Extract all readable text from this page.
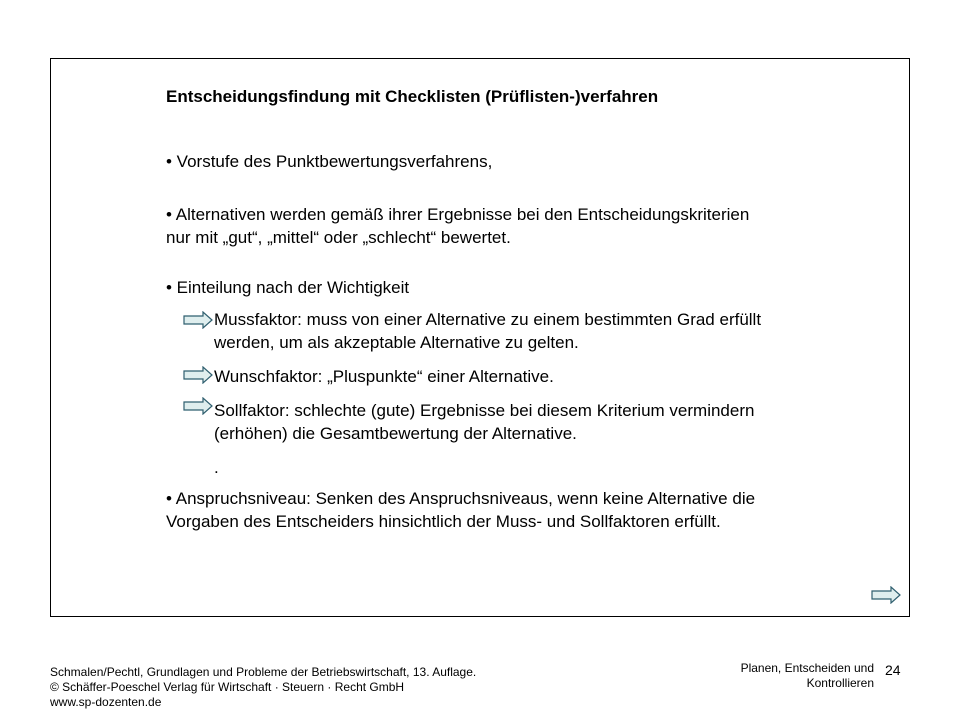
Entscheidungsfindung mit Checklisten (Prüflisten-)verfahren
• Vorstufe des Punktbewertungsverfahrens,
• Alternativen werden gemäß ihrer Ergebnisse bei den Entscheidungskriterien
nur mit „gut“, „mittel“ oder „schlecht“ bewertet.
• Einteilung nach der Wichtigkeit
Mussfaktor: muss von einer Alternative zu einem bestimmten Grad erfüllt
werden, um als akzeptable Alternative zu gelten.
Wunschfaktor: „Pluspunkte“ einer Alternative.
Sollfaktor: schlechte (gute) Ergebnisse bei diesem Kriterium vermindern
(erhöhen) die Gesamtbewertung der Alternative.
.
• Anspruchsniveau: Senken des Anspruchsniveaus, wenn keine Alternative die
Vorgaben des Entscheiders hinsichtlich der Muss- und Sollfaktoren erfüllt.
Schmalen/Pechtl, Grundlagen und Probleme der Betriebswirtschaft, 13. Auflage.
© Schäffer-Poeschel Verlag für Wirtschaft · Steuern · Recht GmbH
www.sp-dozenten.de
Planen, Entscheiden und
Kontrollieren
24
